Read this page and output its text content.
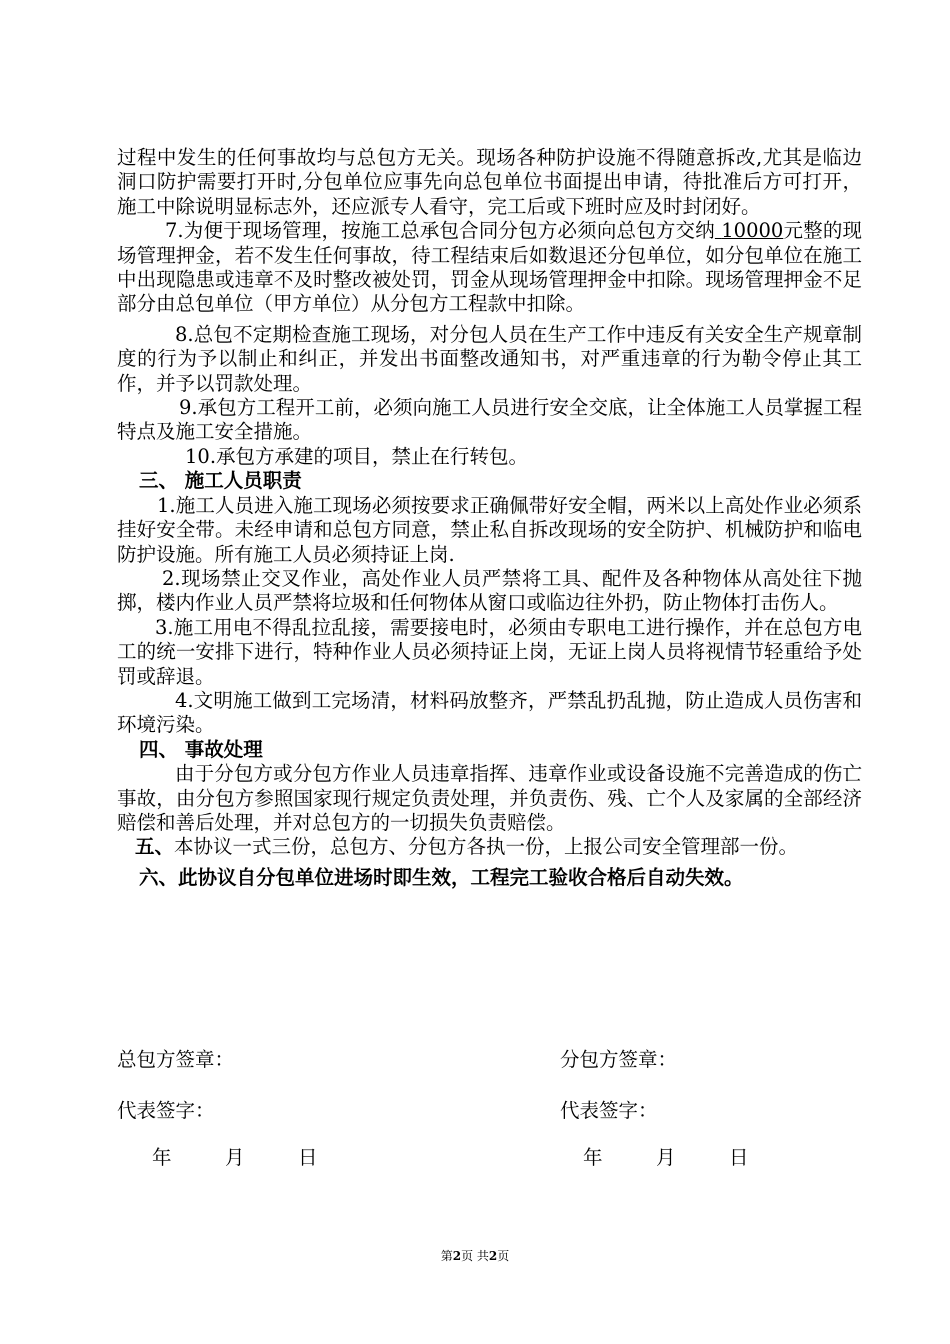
过程中发生的任何事故均与总包方无关。现场各种防护设施不得随意拆改,尤其是临边洞口防护需要打开时,分包单位应事先向总包单位书面提出申请，待批准后方可打开，施工中除说明显标志外，还应派专人看守，完工后或下班时应及时封闭好。

7.为便于现场管理，按施工总承包合同分包方必须向总包方交纳 10000元整的现场管理押金，若不发生任何事故，待工程结束后如数退还分包单位，如分包单位在施工中出现隐患或违章不及时整改被处罚，罚金从现场管理押金中扣除。现场管理押金不足部分由总包单位（甲方单位）从分包方工程款中扣除。

8.总包不定期检查施工现场，对分包人员在生产工作中违反有关安全生产规章制度的行为予以制止和纠正，并发出书面整改通知书，对严重违章的行为勒令停止其工作，并予以罚款处理。

9.承包方工程开工前，必须向施工人员进行安全交底，让全体施工人员掌握工程特点及施工安全措施。

10.承包方承建的项目，禁止在行转包。

三、 施工人员职责

1.施工人员进入施工现场必须按要求正确佩带好安全帽，两米以上高处作业必须系挂好安全带。未经申请和总包方同意，禁止私自拆改现场的安全防护、机械防护和临电防护设施。所有施工人员必须持证上岗.

2.现场禁止交叉作业，高处作业人员严禁将工具、配件及各种物体从高处往下抛掷，楼内作业人员严禁将垃圾和任何物体从窗口或临边往外扔，防止物体打击伤人。

3.施工用电不得乱拉乱接，需要接电时，必须由专职电工进行操作，并在总包方电工的统一安排下进行，特种作业人员必须持证上岗，无证上岗人员将视情节轻重给予处罚或辞退。

4.文明施工做到工完场清，材料码放整齐，严禁乱扔乱抛，防止造成人员伤害和环境污染。

四、 事故处理

由于分包方或分包方作业人员违章指挥、违章作业或设备设施不完善造成的伤亡事故，由分包方参照国家现行规定负责处理，并负责伤、残、亡个人及家属的全部经济赔偿和善后处理，并对总包方的一切损失负责赔偿。

五、本协议一式三份，总包方、分包方各执一份，上报公司安全管理部一份。

六、此协议自分包单位进场时即生效，工程完工验收合格后自动失效。

总包方签章：	分包方签章：
代表签字：	代表签字：
年	月	日	年	月	日
第2页 共2页
